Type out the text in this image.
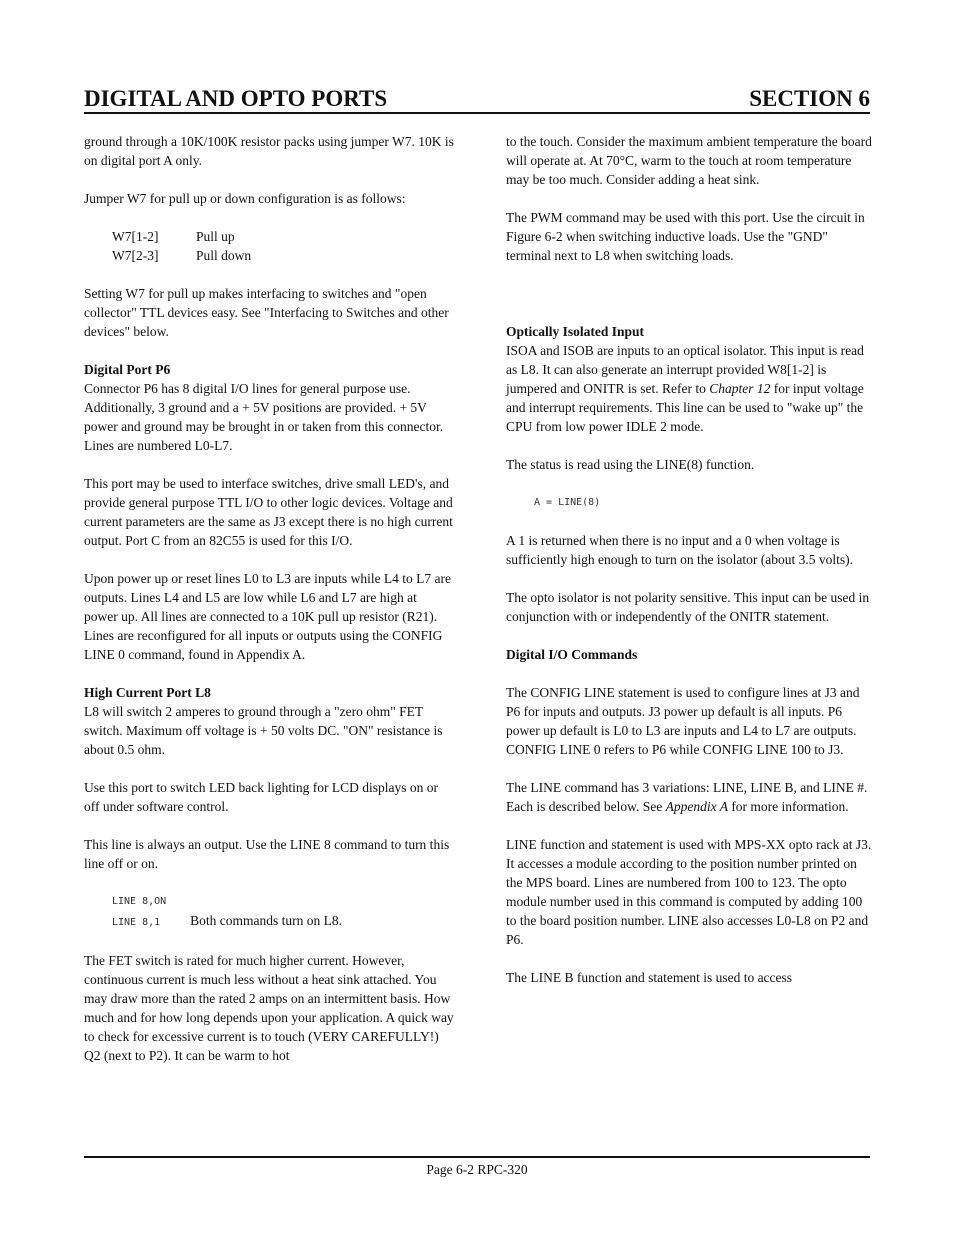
DIGITAL AND OPTO PORTS	SECTION 6

ground through a 10K/100K resistor packs using jumper W7. 10K is on digital port A only.

Jumper W7 for pull up or down configuration is as follows:

W7[1-2]	Pull up
W7[2-3]	Pull down

Setting W7 for pull up makes interfacing to switches and "open collector" TTL devices easy. See "Interfacing to Switches and other devices" below.

Digital Port P6

Connector P6 has 8 digital I/O lines for general purpose use. Additionally, 3 ground and a + 5V positions are provided. + 5V power and ground may be brought in or taken from this connector. Lines are numbered L0-L7.

This port may be used to interface switches, drive small LED's, and provide general purpose TTL I/O to other logic devices. Voltage and current parameters are the same as J3 except there is no high current output. Port C from an 82C55 is used for this I/O.

Upon power up or reset lines L0 to L3 are inputs while L4 to L7 are outputs. Lines L4 and L5 are low while L6 and L7 are high at power up. All lines are connected to a 10K pull up resistor (R21). Lines are reconfigured for all inputs or outputs using the CONFIG LINE 0 command, found in Appendix A.

High Current Port L8

L8 will switch 2 amperes to ground through a "zero ohm" FET switch. Maximum off voltage is + 50 volts DC. "ON" resistance is about 0.5 ohm.

Use this port to switch LED back lighting for LCD displays on or off under software control.

This line is always an output. Use the LINE 8 command to turn this line off or on.

LINE 8,ON
LINE 8,1 Both commands turn on L8.

The FET switch is rated for much higher current. However, continuous current is much less without a heat sink attached. You may draw more than the rated 2 amps on an intermittent basis. How much and for how long depends upon your application. A quick way to check for excessive current is to touch (VERY CAREFULLY!) Q2 (next to P2). It can be warm to hot

to the touch. Consider the maximum ambient temperature the board will operate at. At 70°C, warm to the touch at room temperature may be too much. Consider adding a heat sink.

The PWM command may be used with this port. Use the circuit in Figure 6-2 when switching inductive loads. Use the "GND" terminal next to L8 when switching loads.

Optically Isolated Input

ISOA and ISOB are inputs to an optical isolator. This input is read as L8. It can also generate an interrupt provided W8[1-2] is jumpered and ONITR is set. Refer to Chapter 12 for input voltage and interrupt requirements. This line can be used to "wake up" the CPU from low power IDLE 2 mode.

The status is read using the LINE(8) function.

A = LINE(8)

A 1 is returned when there is no input and a 0 when voltage is sufficiently high enough to turn on the isolator (about 3.5 volts).

The opto isolator is not polarity sensitive. This input can be used in conjunction with or independently of the ONITR statement.

Digital I/O Commands

The CONFIG LINE statement is used to configure lines at J3 and P6 for inputs and outputs. J3 power up default is all inputs. P6 power up default is L0 to L3 are inputs and L4 to L7 are outputs. CONFIG LINE 0 refers to P6 while CONFIG LINE 100 to J3.

The LINE command has 3 variations: LINE, LINE B, and LINE #. Each is described below. See Appendix A for more information.

LINE function and statement is used with MPS-XX opto rack at J3. It accesses a module according to the position number printed on the MPS board. Lines are numbered from 100 to 123. The opto module number used in this command is computed by adding 100 to the board position number. LINE also accesses L0-L8 on P2 and P6.

The LINE B function and statement is used to access

Page 6-2 RPC-320
